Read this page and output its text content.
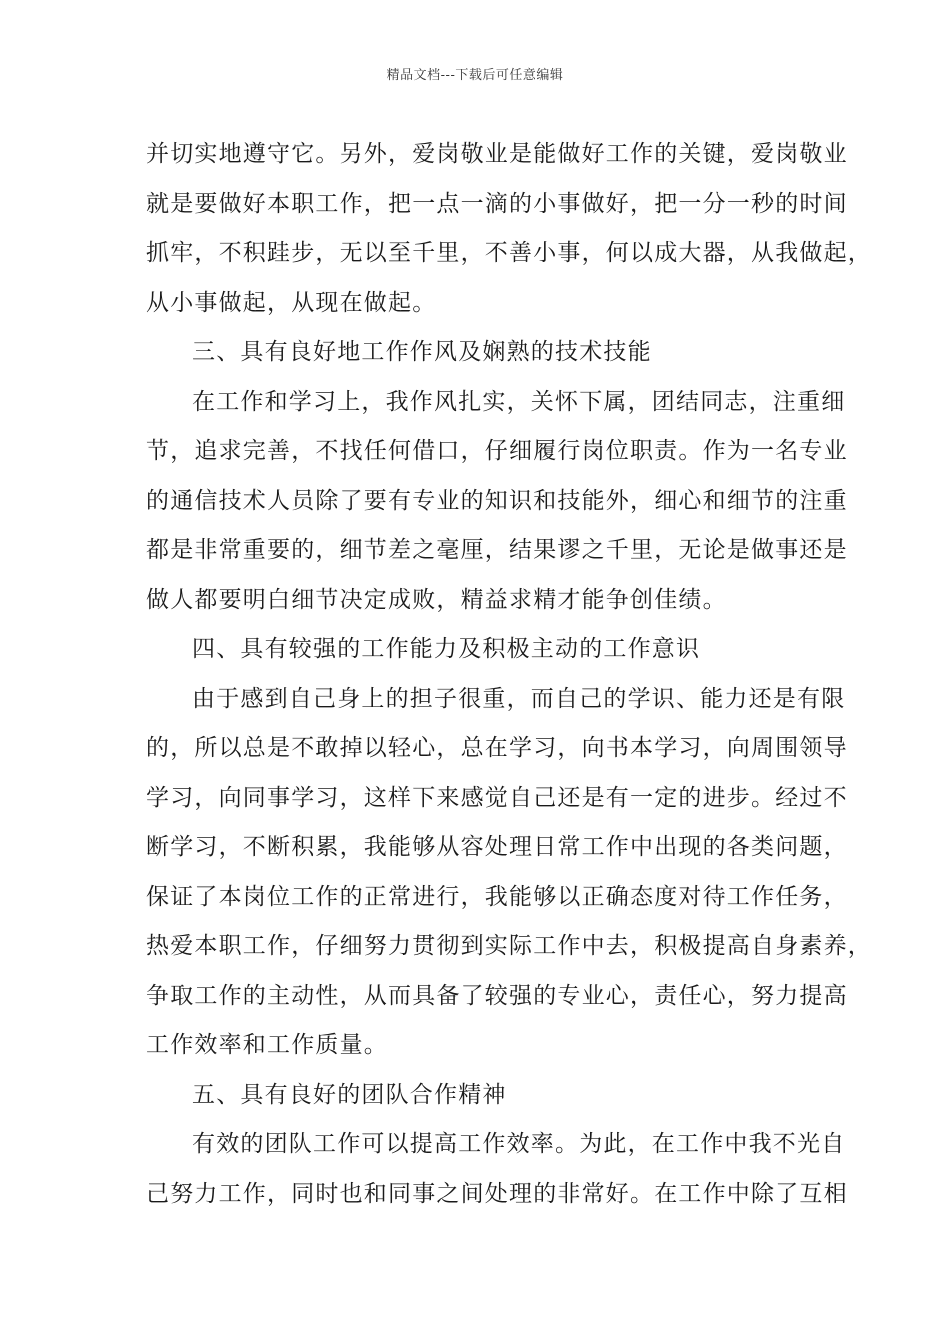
精品文档---下载后可任意编辑
并切实地遵守它。另外，爱岗敬业是能做好工作的关键，爱岗敬业
就是要做好本职工作，把一点一滴的小事做好，把一分一秒的时间
抓牢，不积跬步，无以至千里，不善小事，何以成大器，从我做起，
从小事做起，从现在做起。
三、具有良好地工作作风及娴熟的技术技能
在工作和学习上，我作风扎实，关怀下属，团结同志，注重细
节，追求完善，不找任何借口，仔细履行岗位职责。作为一名专业
的通信技术人员除了要有专业的知识和技能外，细心和细节的注重
都是非常重要的，细节差之毫厘，结果谬之千里，无论是做事还是
做人都要明白细节决定成败，精益求精才能争创佳绩。
四、具有较强的工作能力及积极主动的工作意识
由于感到自己身上的担子很重，而自己的学识、能力还是有限
的，所以总是不敢掉以轻心，总在学习，向书本学习，向周围领导
学习，向同事学习，这样下来感觉自己还是有一定的进步。经过不
断学习，不断积累，我能够从容处理日常工作中出现的各类问题，
保证了本岗位工作的正常进行，我能够以正确态度对待工作任务，
热爱本职工作，仔细努力贯彻到实际工作中去，积极提高自身素养，
争取工作的主动性，从而具备了较强的专业心，责任心，努力提高
工作效率和工作质量。
五、具有良好的团队合作精神
有效的团队工作可以提高工作效率。为此，在工作中我不光自
己努力工作，同时也和同事之间处理的非常好。在工作中除了互相
